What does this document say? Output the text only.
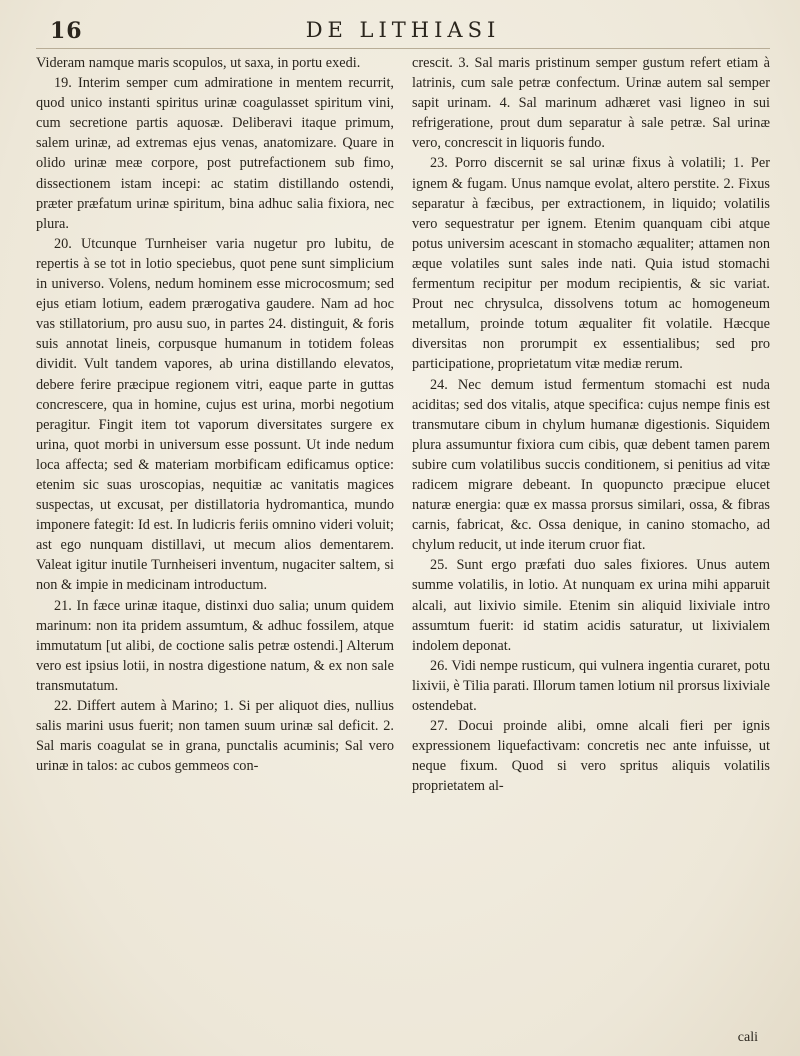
16	DE LITHIASI

Videram namque maris scopulos, ut saxa, in portu exedi.

19. Interim semper cum admiratione in mentem recurrit, quod unico instanti spiritus urinæ coagulasset spiritum vini, cum secretione partis aquosæ. Deliberavi itaque primum, salem urinæ, ad extremas ejus venas, anatomizare. Quare in olido urinæ meæ corpore, post putrefactionem sub fimo, dissectionem istam incepi: ac statim distillando ostendi, præter præfatum urinæ spiritum, bina adhuc salia fixiora, nec plura.

20. Utcunque Turnheiser varia nugetur pro lubitu, de repertis à se tot in lotio speciebus, quot pene sunt simplicium in universo. Volens, nedum hominem esse microcosmum; sed ejus etiam lotium, eadem prærogativa gaudere. Nam ad hoc vas stillatorium, pro ausu suo, in partes 24. distinguit, & foris suis annotat lineis, corpusque humanum in totidem foleas dividit. Vult tandem vapores, ab urina distillando elevatos, debere ferire præcipue regionem vitri, eaque parte in guttas concrescere, qua in homine, cujus est urina, morbi negotium peragitur. Fingit item tot vaporum diversitates surgere ex urina, quot morbi in universum esse possunt. Ut inde nedum loca affecta; sed & materiam morbificam edificamus optice: etenim sic suas uroscopias, nequitiæ ac vanitatis magices suspectas, ut excusat, per distillatoria hydromantica, mundo imponere fategit: Id est. In ludicris feriis omnino videri voluit; ast ego nunquam distillavi, ut mecum alios dementarem. Valeat igitur inutile Turnheiseri inventum, nugaciter saltem, si non & impie in medicinam introductum.

21. In fæce urinæ itaque, distinxi duo salia; unum quidem marinum: non ita pridem assumtum, & adhuc fossilem, atque immutatum [ut alibi, de coctione salis petræ ostendi.] Alterum vero est ipsius lotii, in nostra digestione natum, & ex non sale transmutatum.

22. Differt autem à Marino; 1. Si per aliquot dies, nullius salis marini usus fuerit; non tamen suum urinæ sal deficit. 2. Sal maris coagulat se in grana, punctalis acuminis; Sal vero urinæ in talos: ac cubos gemmeos con-

crescit. 3. Sal maris pristinum semper gustum refert etiam à latrinis, cum sale petræ confectum. Urinæ autem sal semper sapit urinam. 4. Sal marinum adhæret vasi ligneo in sui refrigeratione, prout dum separatur à sale petræ. Sal urinæ vero, concrescit in liquoris fundo.

23. Porro discernit se sal urinæ fixus à volatili; 1. Per ignem & fugam. Unus namque evolat, altero perstite. 2. Fixus separatur à fæcibus, per extractionem, in liquido; volatilis vero sequestratur per ignem. Etenim quanquam cibi atque potus universim acescant in stomacho æqualiter; attamen non æque volatiles sunt sales inde nati. Quia istud stomachi fermentum recipitur per modum recipientis, & sic variat. Prout nec chrysulca, dissolvens totum ac homogeneum metallum, proinde totum æqualiter fit volatile. Hæcque diversitas non prorumpit ex essentialibus; sed pro participatione, proprietatum vitæ mediæ rerum.

24. Nec demum istud fermentum stomachi est nuda aciditas; sed dos vitalis, atque specifica: cujus nempe finis est transmutare cibum in chylum humanæ digestionis. Siquidem plura assumuntur fixiora cum cibis, quæ debent tamen parem subire cum volatilibus succis conditionem, si penitius ad vitæ radicem migrare debeant. In quopuncto præcipue elucet naturæ energia: quæ ex massa prorsus similari, ossa, & fibras carnis, fabricat, &c. Ossa denique, in canino stomacho, ad chylum reducit, ut inde iterum cruor fiat.

25. Sunt ergo præfati duo sales fixiores. Unus autem summe volatilis, in lotio. At nunquam ex urina mihi apparuit alcali, aut lixivio similе. Etenim sin aliquid lixiviale intro assumtum fuerit: id statim acidis saturatur, ut lixivialem indolem deponat.

26. Vidi nempe rusticum, qui vulnera ingentia curaret, potu lixivii, è Tilia parati. Illorum tamen lotium nil prorsus lixiviale ostendebat.

27. Docui proinde alibi, omne alcali fieri per ignis expressionem liquefactivam: concretis nec ante infuisse, ut neque fixum. Quod si vero spritus aliquis volatilis proprietatem al-

cali
